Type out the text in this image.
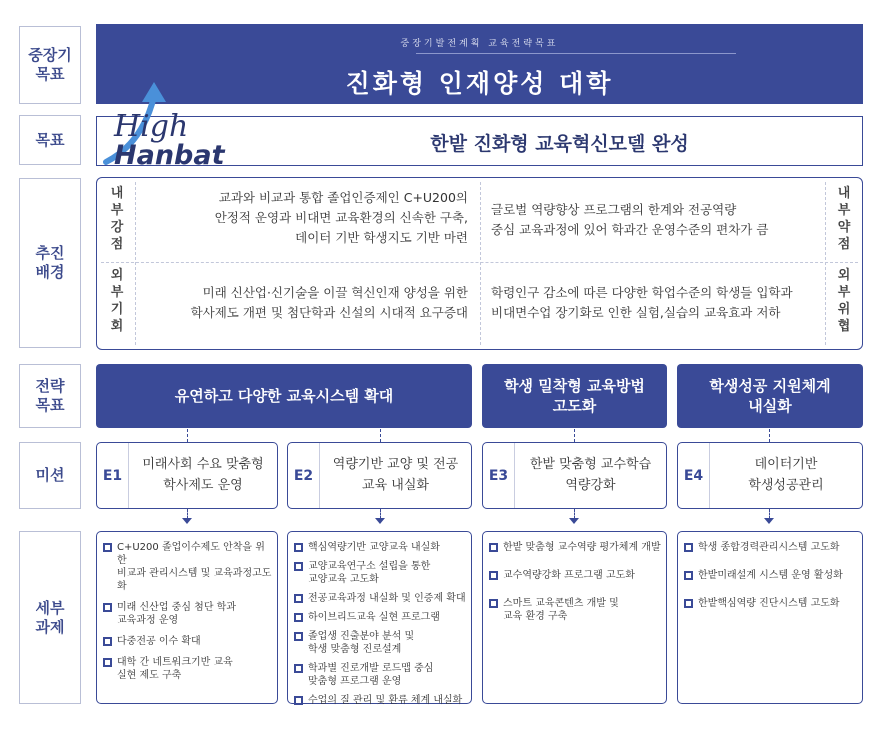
중장기
목표
목표
추진
배경
전략
목표
미션
세부
과제
중장기발전계획 교육전략목표
진화형 인재양성 대학
한밭 진화형 교육혁신모델 완성
High
Hanbat
내
부
강
점
내
부
약
점
외
부
기
회
외
부
위
협
교과와 비교과 통합 졸업인증제인 C+U200의
안정적 운영과 비대면 교육환경의 신속한 구축,
데이터 기반 학생지도 기반 마련
글로벌 역량향상 프로그램의 한계와 전공역량
중심 교육과정에 있어 학과간 운영수준의 편차가 큼
미래 신산업·신기술을 이끌 혁신인재 양성을 위한
학사제도 개편 및 첨단학과 신설의 시대적 요구증대
학령인구 감소에 따른 다양한 학업수준의 학생들 입학과
비대면수업 장기화로 인한 실험,실습의 교육효과 저하
유연하고 다양한 교육시스템 확대
학생 밀착형 교육방법
고도화
학생성공 지원체계
내실화
E1
미래사회 수요 맞춤형
학사제도 운영
E2
역량기반 교양 및 전공
교육 내실화
E3
한밭 맞춤형 교수학습
역량강화
E4
데이터기반
학생성공관리
C+U200 졸업이수제도 안착을 위한
비교과 관리시스템 및 교육과정고도화
미래 신산업 중심 첨단 학과
교육과정 운영
다중전공 이수 확대
대학 간 네트워크기반 교육
실현 제도 구축
핵심역량기반 교양교육 내실화
교양교육연구소 설립을 통한
교양교육 고도화
전공교육과정 내실화 및 인증제 확대
하이브리드교육 실현 프로그램
졸업생 진출분야 분석 및
학생 맞춤형 진로설계
학과별 진로개발 로드맵 중심
맞춤형 프로그램 운영
수업의 질 관리 및 환류 체계 내실화
한밭 맞춤형 교수역량 평가체계 개발
교수역량강화 프로그램 고도화
스마트 교육콘텐츠 개발 및
교육 환경 구축
학생 종합경력관리시스템 고도화
한밭미래설계 시스템 운영 활성화
한밭핵심역량 진단시스템 고도화
